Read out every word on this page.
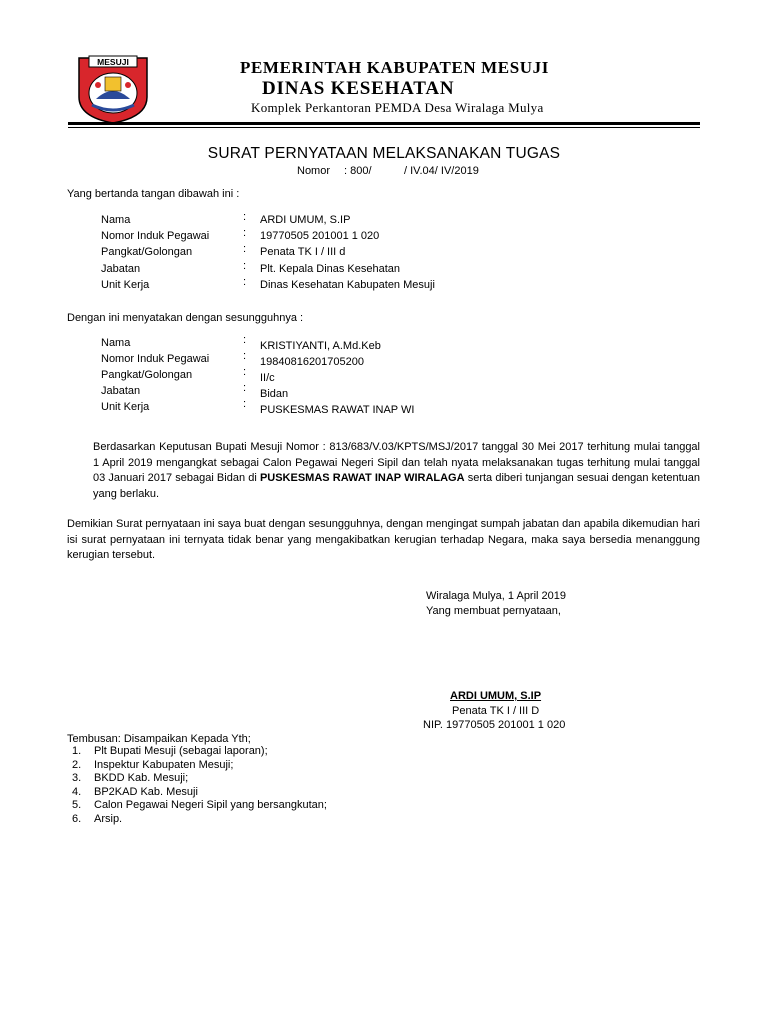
MESUJI	PEMERINTAH KABUPATEN MESUJI
DINAS KESEHATAN
Komplek Perkantoran PEMDA Desa Wiralaga Mulya
SURAT PERNYATAAN MELAKSANAKAN TUGAS
Nomor : 800/	/ IV.04/ IV/2019
Yang bertanda tangan dibawah ini :
Nama	: ARDI UMUM, S.IP
Nomor Induk Pegawai	: 19770505 201001 1 020
Pangkat/Golongan	: Penata TK I / III d
Jabatan	: Plt. Kepala Dinas Kesehatan
Unit Kerja	: Dinas Kesehatan Kabupaten Mesuji
Dengan ini menyatakan dengan sesungguhnya :
Nama	: KRISTIYANTI, A.Md.Keb
Nomor Induk Pegawai	: 19840816201705200
Pangkat/Golongan	: II/c
Jabatan	: Bidan
Unit Kerja	: PUSKESMAS RAWAT INAP WI
Berdasarkan Keputusan Bupati Mesuji Nomor : 813/683/V.03/KPTS/MSJ/2017 tanggal 30 Mei 2017 terhitung mulai tanggal 1 April 2019 mengangkat sebagai Calon Pegawai Negeri Sipil dan telah nyata melaksanakan tugas terhitung mulai tanggal 03 Januari 2017 sebagai Bidan di PUSKESMAS RAWAT INAP WIRALAGA serta diberi tunjangan sesuai dengan ketentuan yang berlaku.
Demikian Surat pernyataan ini saya buat dengan sesungguhnya, dengan mengingat sumpah jabatan dan apabila dikemudian hari isi surat pernyataan ini ternyata tidak benar yang mengakibatkan kerugian terhadap Negara, maka saya bersedia menanggung kerugian tersebut.
Wiralaga Mulya, 1 April 2019
Yang membuat pernyataan,
ARDI UMUM, S.IP
Penata TK I / III D
NIP. 19770505 201001 1 020
Tembusan: Disampaikan Kepada Yth;
1. Plt Bupati Mesuji (sebagai laporan);
2. Inspektur Kabupaten Mesuji;
3. BKDD Kab. Mesuji;
4. BP2KAD Kab. Mesuji
5. Calon Pegawai Negeri Sipil yang bersangkutan;
6. Arsip.
